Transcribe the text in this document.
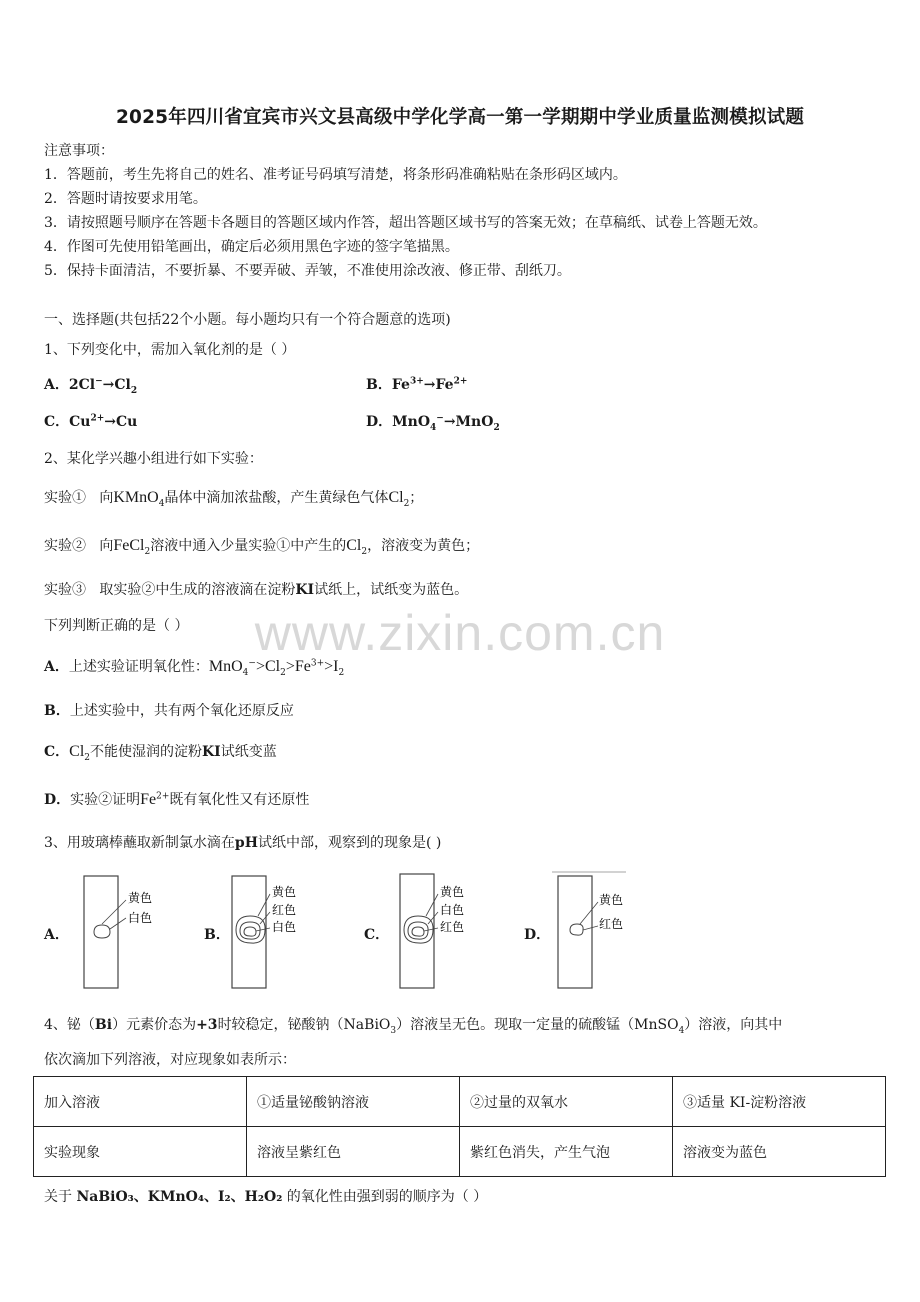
2025年四川省宜宾市兴文县高级中学化学高一第一学期期中学业质量监测模拟试题
注意事项：
1．答题前，考生先将自己的姓名、准考证号码填写清楚，将条形码准确粘贴在条形码区域内。
2．答题时请按要求用笔。
3．请按照题号顺序在答题卡各题目的答题区域内作答，超出答题区域书写的答案无效；在草稿纸、试卷上答题无效。
4．作图可先使用铅笔画出，确定后必须用黑色字迹的签字笔描黑。
5．保持卡面清洁，不要折暴、不要弄破、弄皱，不准使用涂改液、修正带、刮纸刀。
一、选择题(共包括22个小题。每小题均只有一个符合题意的选项)
1、下列变化中，需加入氧化剂的是（ ）
A．$2Cl^-\to Cl_2$	B．$Fe^{3+}\to Fe^{2+}$
C．$Cu^{2+}\to Cu$	D．MnO$_4$−→MnO$_2$
2、某化学兴趣小组进行如下实验：
实验① 向KMnO$_4$晶体中滴加浓盐酸，产生黄绿色气体$Cl_2$；
实验② 向FeCl$_2$溶液中通入少量实验①中产生的$Cl_2$，溶液变为黄色；
实验③ 取实验②中生成的溶液滴在淀粉KI试纸上，试纸变为蓝色。
下列判断正确的是（ ）	www.zixin.com.cn
A．上述实验证明氧化性：$MnO_4^->Cl_2>Fe^{3+}>I_2$
B．上述实验中，共有两个氧化还原反应
C．$Cl_2$不能使湿润的淀粉KI试纸变蓝
D．实验②证明$Fe^{2+}$既有氧化性又有还原性
3、用玻璃棒蘸取新制氯水滴在pH试纸中部，观察到的现象是( )
A．
黄色
白色
B．
黄色
红色
白色	C．
黄色
白色
红色	D．
黄色
红色
4、铋（Bi）元素价态为+3时较稳定，铋酸钠（NaBiO$_3$）溶液呈无色。现取一定量的硫酸锰（MnSO$_4$）溶液，向其中
依次滴加下列溶液，对应现象如表所示：
加入溶液	①适量铋酸钠溶液	②过量的双氧水	③适量 KI-淀粉溶液
实验现象	溶液呈紫红色	紫红色消失，产生气泡	溶液变为蓝色
关于 NaBiO₃、KMnO₄、I₂、H₂O₂ 的氧化性由强到弱的顺序为（ ）
